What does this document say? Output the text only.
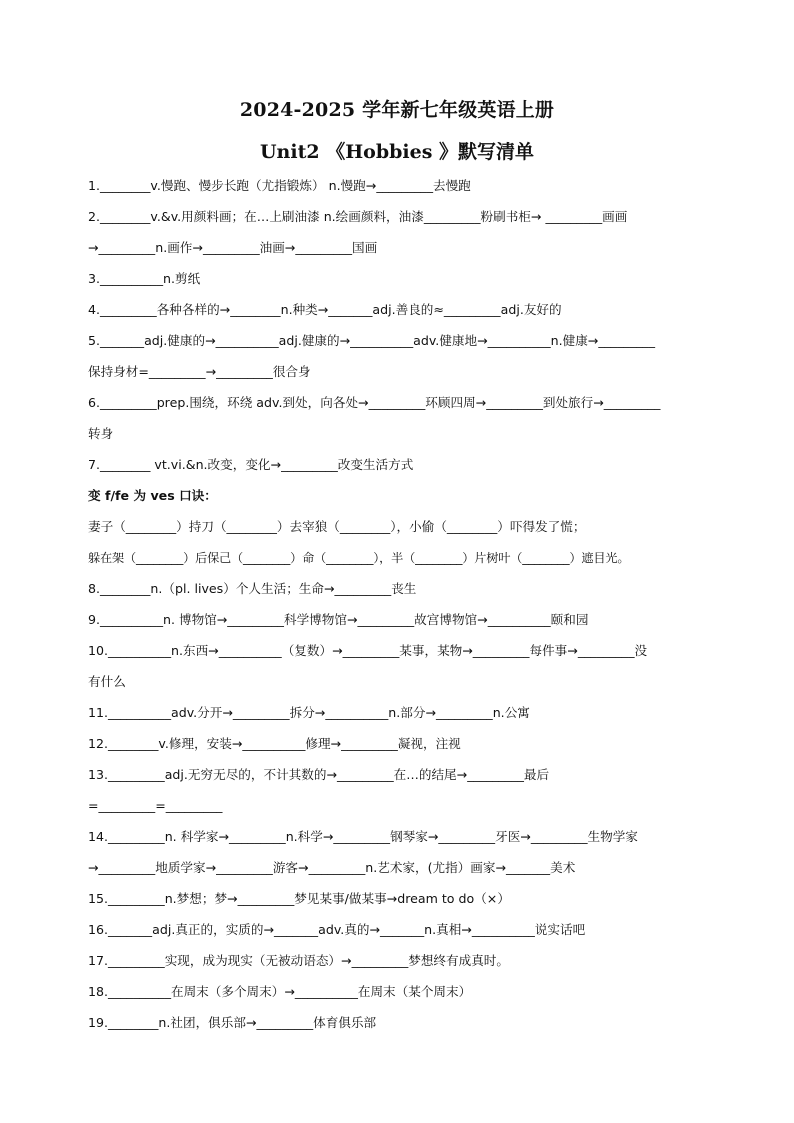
2024-2025 学年新七年级英语上册
Unit2 《Hobbies 》默写清单
1.________v.慢跑、慢步长跑（尤指锻炼） n.慢跑→_________去慢跑
2.________v.&v.用颜料画；在…上刷油漆 n.绘画颜料，油漆_________粉刷书柜→ _________画画
→_________n.画作→_________油画→_________国画
3.__________n.剪纸
4._________各种各样的→________n.种类→_______adj.善良的≈_________adj.友好的
5._______adj.健康的→__________adj.健康的→__________adv.健康地→__________n.健康→_________
保持身材=_________→_________很合身
6._________prep.围绕，环绕 adv.到处，向各处→_________环顾四周→_________到处旅行→_________
转身
7.________ vt.vi.&n.改变，变化→_________改变生活方式
变 f/fe 为 ves 口诀：
妻子（________）持刀（________）去宰狼（________），小偷（________）吓得发了慌；
躲在架（________）后保己（________）命（________），半（________）片树叶（________）遮目光。
8.________n.（pl. lives）个人生活；生命→_________丧生
9.__________n. 博物馆→_________科学博物馆→_________故宫博物馆→__________颐和园
10.__________n.东西→__________（复数）→_________某事，某物→_________每件事→_________没
有什么
11.__________adv.分开→_________拆分→__________n.部分→_________n.公寓
12.________v.修理，安装→__________修理→_________凝视，注视
13._________adj.无穷无尽的，不计其数的→_________在…的结尾→_________最后
=_________=_________
14._________n. 科学家→_________n.科学→_________钢琴家→_________牙医→_________生物学家
→_________地质学家→_________游客→_________n.艺术家，(尤指）画家→_______美术
15._________n.梦想；梦→_________梦见某事/做某事→dream to do（×）
16._______adj.真正的，实质的→_______adv.真的→_______n.真相→__________说实话吧
17._________实现，成为现实（无被动语态）→_________梦想终有成真时。
18.__________在周末（多个周末）→__________在周末（某个周末）
19.________n.社团，俱乐部→_________体育俱乐部
